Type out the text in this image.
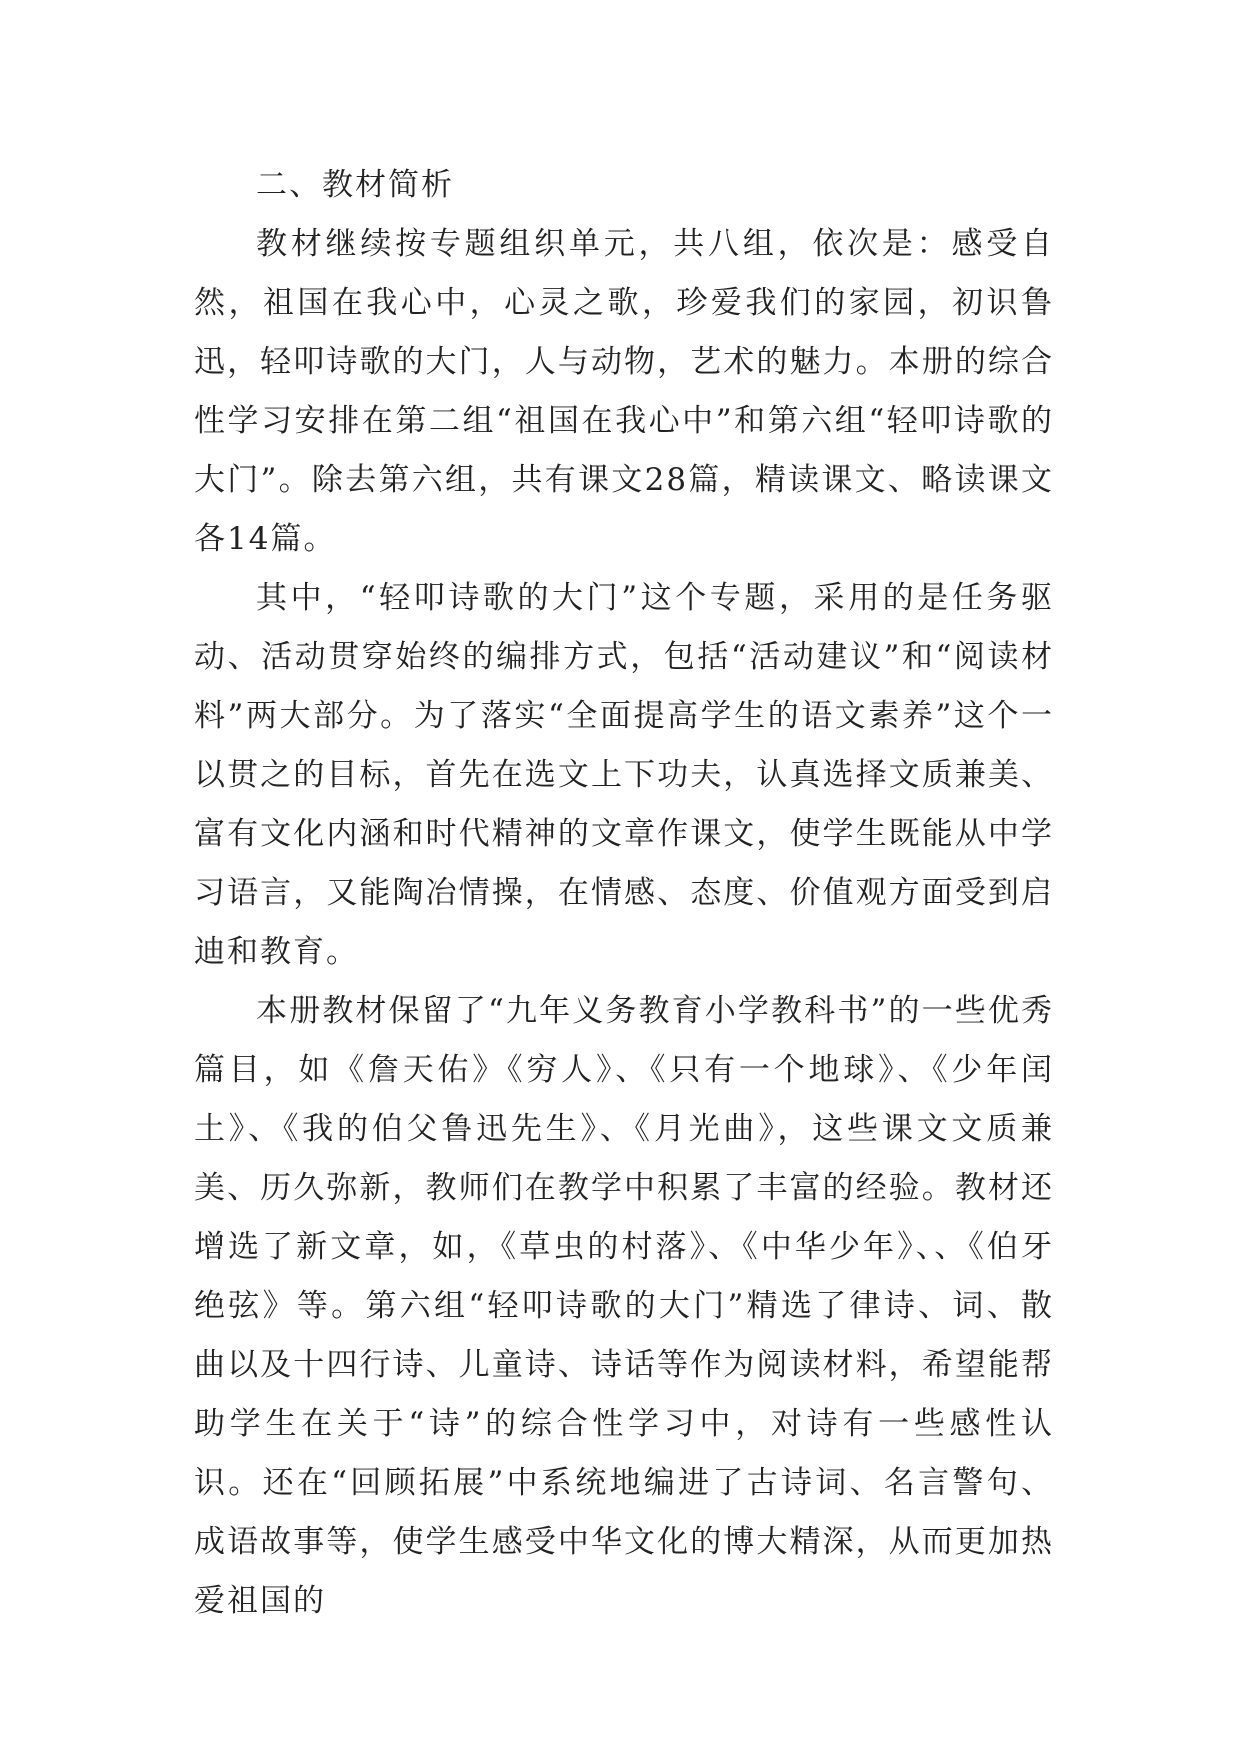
二、教材简析

教材继续按专题组织单元，共八组，依次是：感受自然，祖国在我心中，心灵之歌，珍爱我们的家园，初识鲁迅，轻叩诗歌的大门，人与动物，艺术的魅力。本册的综合性学习安排在第二组“祖国在我心中”和第六组“轻叩诗歌的大门”。除去第六组，共有课文28篇，精读课文、略读课文各14篇。

其中，“轻叩诗歌的大门”这个专题，采用的是任务驱动、活动贯穿始终的编排方式，包括“活动建议”和“阅读材料”两大部分。为了落实“全面提高学生的语文素养”这个一以贯之的目标，首先在选文上下功夫，认真选择文质兼美、富有文化内涵和时代精神的文章作课文，使学生既能从中学习语言，又能陶冶情操，在情感、态度、价值观方面受到启迪和教育。

本册教材保留了“九年义务教育小学教科书”的一些优秀篇目，如《詹天佑》《穷人》、《只有一个地球》、《少年闰土》、《我的伯父鲁迅先生》、《月光曲》，这些课文文质兼美、历久弥新，教师们在教学中积累了丰富的经验。教材还增选了新文章，如，《草虫的村落》、《中华少年》、、《伯牙绝弦》等。第六组“轻叩诗歌的大门”精选了律诗、词、散曲以及十四行诗、儿童诗、诗话等作为阅读材料，希望能帮助学生在关于“诗”的综合性学习中，对诗有一些感性认识。还在“回顾拓展”中系统地编进了古诗词、名言警句、成语故事等，使学生感受中华文化的博大精深，从而更加热爱祖国的
